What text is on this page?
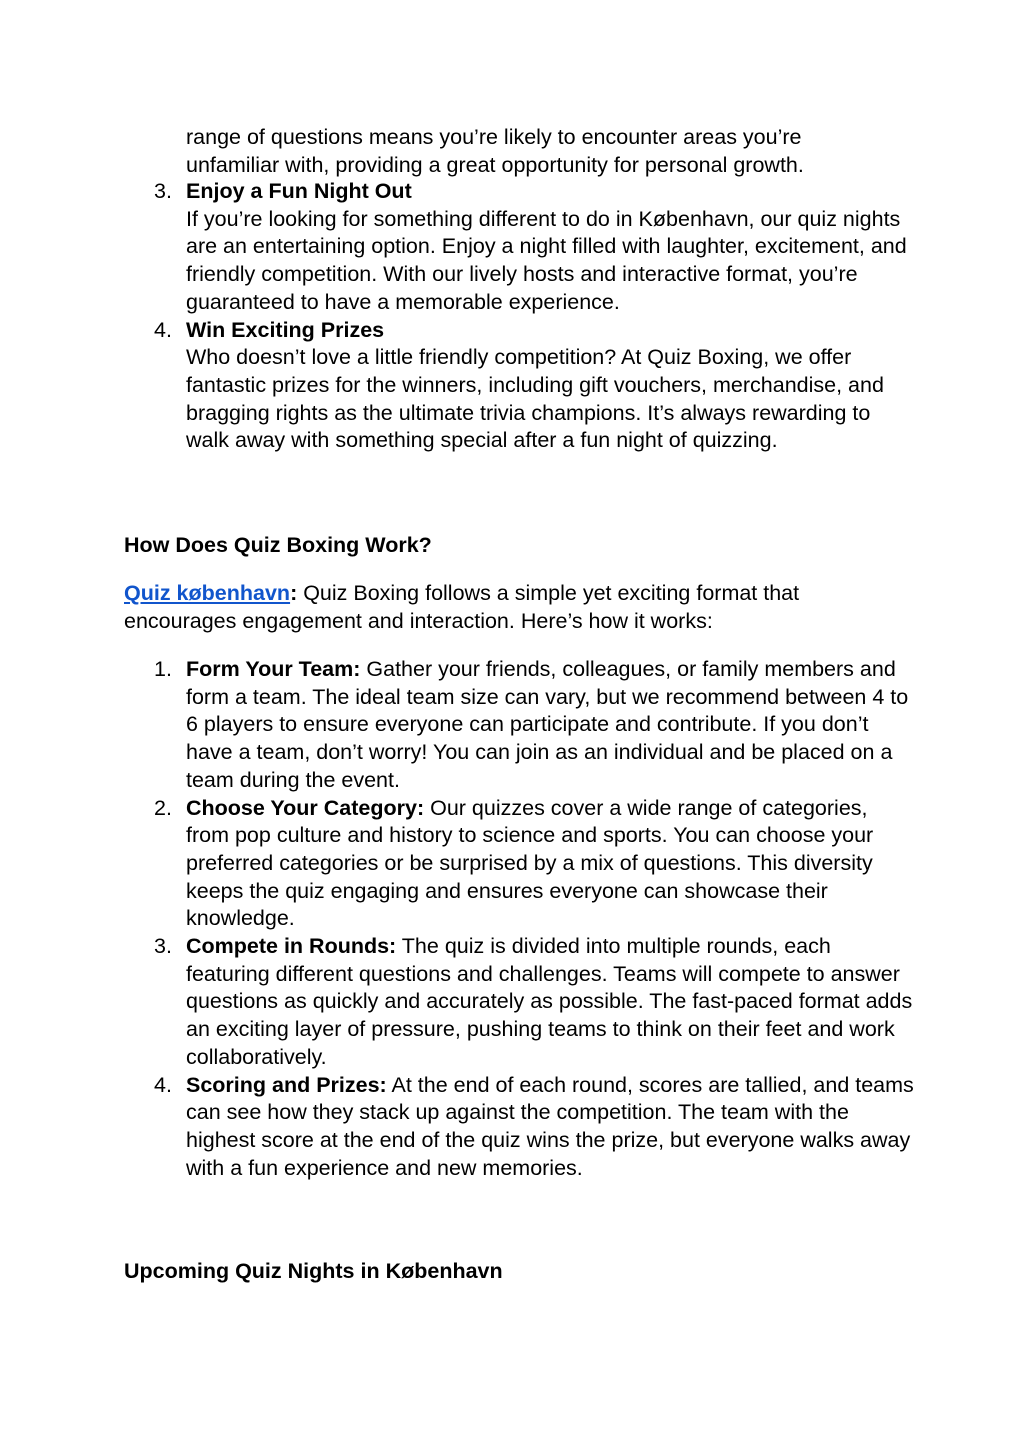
range of questions means you’re likely to encounter areas you’re
unfamiliar with, providing a great opportunity for personal growth.

3. Enjoy a Fun Night Out
If you’re looking for something different to do in København, our quiz nights are an entertaining option. Enjoy a night filled with laughter, excitement, and friendly competition. With our lively hosts and interactive format, you’re guaranteed to have a memorable experience.
4. Win Exciting Prizes
Who doesn’t love a little friendly competition? At Quiz Boxing, we offer fantastic prizes for the winners, including gift vouchers, merchandise, and bragging rights as the ultimate trivia champions. It’s always rewarding to walk away with something special after a fun night of quizzing.
How Does Quiz Boxing Work?

Quiz københavn: Quiz Boxing follows a simple yet exciting format that encourages engagement and interaction. Here’s how it works:

1. Form Your Team: Gather your friends, colleagues, or family members and form a team. The ideal team size can vary, but we recommend between 4 to 6 players to ensure everyone can participate and contribute. If you don’t have a team, don’t worry! You can join as an individual and be placed on a team during the event.
2. Choose Your Category: Our quizzes cover a wide range of categories, from pop culture and history to science and sports. You can choose your preferred categories or be surprised by a mix of questions. This diversity keeps the quiz engaging and ensures everyone can showcase their knowledge.
3. Compete in Rounds: The quiz is divided into multiple rounds, each featuring different questions and challenges. Teams will compete to answer questions as quickly and accurately as possible. The fast-paced format adds an exciting layer of pressure, pushing teams to think on their feet and work collaboratively.
4. Scoring and Prizes: At the end of each round, scores are tallied, and teams can see how they stack up against the competition. The team with the highest score at the end of the quiz wins the prize, but everyone walks away with a fun experience and new memories.
Upcoming Quiz Nights in København
